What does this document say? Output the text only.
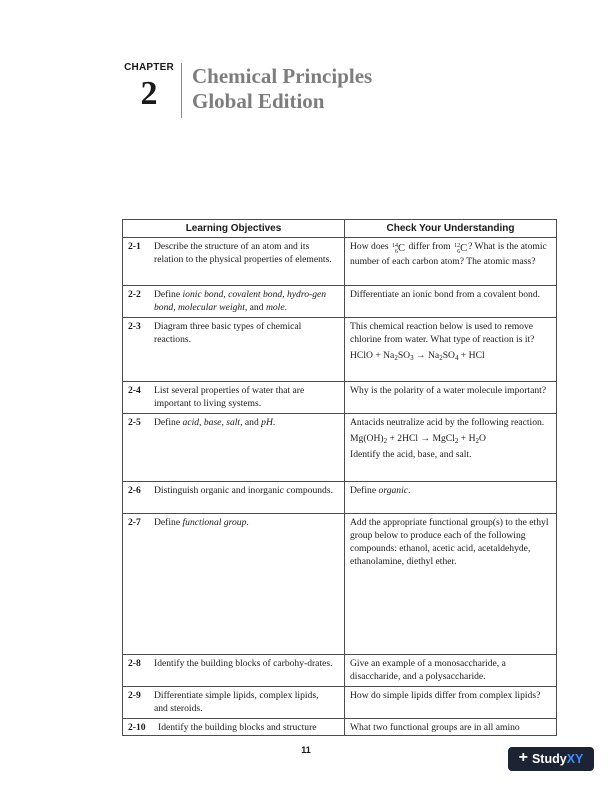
CHAPTER
2	Chemical Principles
Global Edition
Learning Objectives	Check Your Understanding
2-1 Describe the structure of an atom and its relation to the physical properties of elements.	How does 14
6C differ from 12
6C? What is the atomic number of each carbon atom? The atomic mass?

2-2 Define ionic bond, covalent bond, hydro-gen bond, molecular weight, and mole.	Differentiate an ionic bond from a covalent bond.

2-3 Diagram three basic types of chemical reactions.	This chemical reaction below is used to remove chlorine from water. What type of reaction is it?

HClO + $Na_2SO_3 \to Na_2SO_4$ + HCl

2-4 List several properties of water that are important to living systems.	Why is the polarity of a water molecule important?

2-5 Define acid, base, salt, and pH.	Antacids neutralize acid by the following reaction.

$Mg(OH)_2 + 2HCl$ → MgCl$_2$ + $H_2O$

Identify the acid, base, and salt.

2-6 Distinguish organic and inorganic compounds.	Define organic.

2-7 Define functional group.	Add the appropriate functional group(s) to the ethyl group below to produce each of the following compounds: ethanol, acetic acid, acetaldehyde, ethanolamine, diethyl ether.

2-8 Identify the building blocks of carbohy-drates.	Give an example of a monosaccharide, a disaccharide, and a polysaccharide.

2-9 Differentiate simple lipids, complex lipids, and steroids.	How do simple lipids differ from complex lipids?

2-10 Identify the building blocks and structure	What two functional groups are in all amino

11	+ StudyXY
